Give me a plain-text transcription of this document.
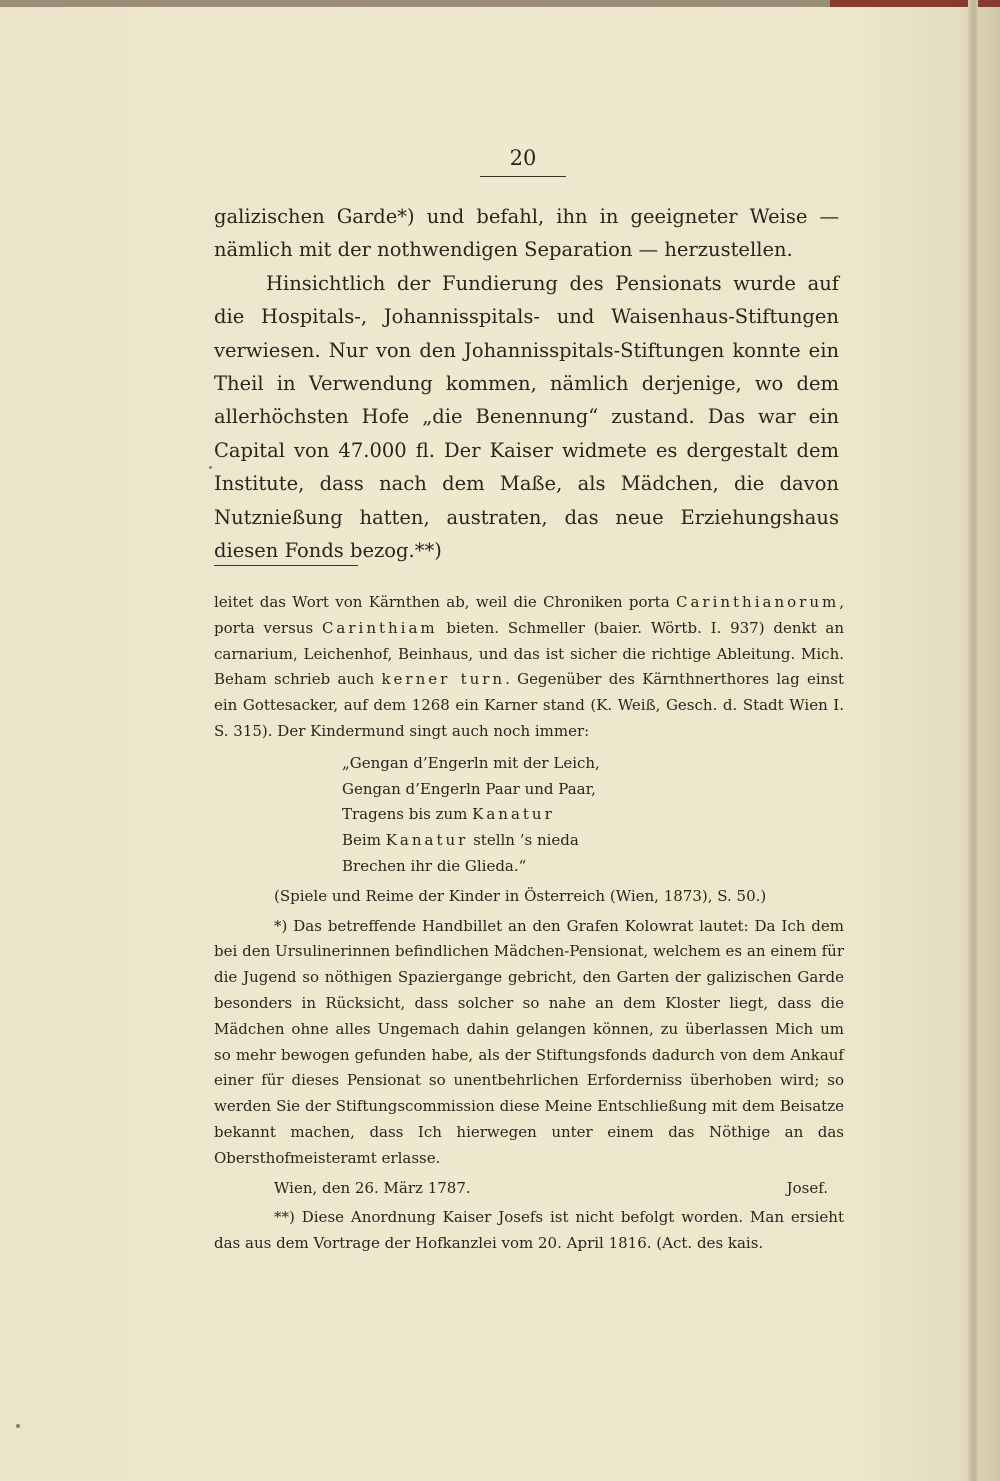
20

galizischen Garde*) und befahl, ihn in geeigneter Weise — nämlich mit der nothwendigen Separation — herzustellen.

Hinsichtlich der Fundierung des Pensionats wurde auf die Hospitals-, Johannisspitals- und Waisenhaus-Stiftungen verwiesen. Nur von den Johannisspitals-Stiftungen konnte ein Theil in Verwendung kommen, nämlich derjenige, wo dem allerhöchsten Hofe „die Benennung“ zustand. Das war ein Capital von 47.000 fl. Der Kaiser widmete es dergestalt dem Institute, dass nach dem Maße, als Mädchen, die davon Nutznießung hatten, austraten, das neue Erziehungshaus diesen Fonds bezog.**)

leitet das Wort von Kärnthen ab, weil die Chroniken porta Carinthianorum, porta versus Carinthiam bieten. Schmeller (baier. Wörtb. I. 937) denkt an carnarium, Leichenhof, Beinhaus, und das ist sicher die richtige Ableitung. Mich. Beham schrieb auch kerner turn. Gegenüber des Kärnthnerthores lag einst ein Gottesacker, auf dem 1268 ein Karner stand (K. Weiß, Gesch. d. Stadt Wien I. S. 315). Der Kindermund singt auch noch immer:

„Gengan d’Engerln mit der Leich,
Gengan d’Engerln Paar und Paar,
Tragens bis zum Kanatur
Beim Kanatur stelln ’s nieda
Brechen ihr die Glieda.“
(Spiele und Reime der Kinder in Österreich (Wien, 1873), S. 50.)

*) Das betreffende Handbillet an den Grafen Kolowrat lautet: Da Ich dem bei den Ursulinerinnen befindlichen Mädchen-Pensionat, welchem es an einem für die Jugend so nöthigen Spaziergange gebricht, den Garten der galizischen Garde besonders in Rücksicht, dass solcher so nahe an dem Kloster liegt, dass die Mädchen ohne alles Ungemach dahin gelangen können, zu überlassen Mich um so mehr bewogen gefunden habe, als der Stiftungsfonds dadurch von dem Ankauf einer für dieses Pensionat so unentbehrlichen Erforderniss überhoben wird; so werden Sie der Stiftungscommission diese Meine Entschließung mit dem Beisatze bekannt machen, dass Ich hierwegen unter einem das Nöthige an das Obersthofmeisteramt erlasse.

Wien, den 26. März 1787.	Josef.

**) Diese Anordnung Kaiser Josefs ist nicht befolgt worden. Man ersieht das aus dem Vortrage der Hofkanzlei vom 20. April 1816. (Act. des kais.
